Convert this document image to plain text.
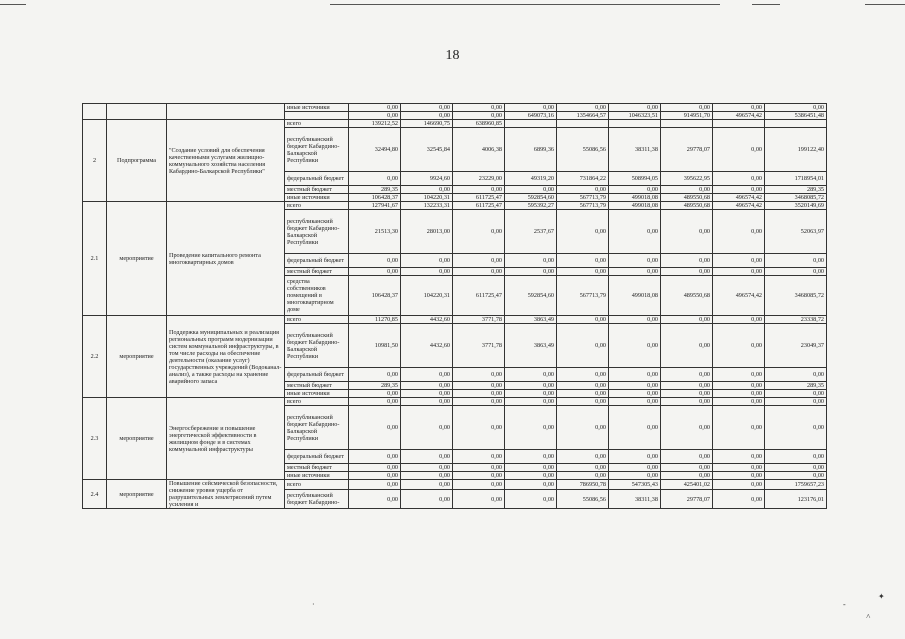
18
			иные источники	0,00	0,00	0,00	0,00	0,00	0,00	0,00	0,00	0,00
				0,00	0,00	0,00	649073,16	1354664,57	1046323,51	914951,70	496574,42	5386451,48
2	Подпрограмма	"Создание условий для обеспечения качественными услугами жилищно-коммунального хозяйства населения Кабардино-Балкарской Республики"	всего	139212,52	146690,75	638960,85						
			республиканский бюджет Кабардино-Балкарской Республики	32494,80	32545,84	4006,38	6899,36	55086,56	38311,38	29778,07	0,00	199122,40
			федеральный бюджет	0,00	9924,60	23229,00	49319,20	731864,22	508994,05	395622,95	0,00	1718954,01
			местный бюджет	289,35	0,00	0,00	0,00	0,00	0,00	0,00	0,00	289,35
			иные источники	106428,37	104220,31	611725,47	592854,60	567713,79	499018,08	489550,68	496574,42	3468085,72
2.1	мероприятие	Проведение капитального ремонта многоквартирных домов	всего	127941,67	132233,31	611725,47	595392,27	567713,79	499018,08	489550,68	496574,42	3520149,69
			республиканский бюджет Кабардино-Балкарской Республики	21513,30	28013,00	0,00	2537,67	0,00	0,00	0,00	0,00	52063,97
			федеральный бюджет	0,00	0,00	0,00	0,00	0,00	0,00	0,00	0,00	0,00
			местный бюджет	0,00	0,00	0,00	0,00	0,00	0,00	0,00	0,00	0,00
			средства собственников помещений в многоквартирном доме	106428,37	104220,31	611725,47	592854,60	567713,79	499018,08	489550,68	496574,42	3468085,72
2.2	мероприятие	Поддержка муниципальных и реализация региональных программ модернизации систем коммунальной инфраструктуры, в том числе расходы на обеспечение деятельности (оказание услуг) государственных учреждений (Водоканал-анализ), а также расходы на хранение аварийного запаса	всего	11270,85	4432,60	3771,78	3863,49	0,00	0,00	0,00	0,00	23338,72
			республиканский бюджет Кабардино-Балкарской Республики	10981,50	4432,60	3771,78	3863,49	0,00	0,00	0,00	0,00	23049,37
			федеральный бюджет	0,00	0,00	0,00	0,00	0,00	0,00	0,00	0,00	0,00
			местный бюджет	289,35	0,00	0,00	0,00	0,00	0,00	0,00	0,00	289,35
			иные источники	0,00	0,00	0,00	0,00	0,00	0,00	0,00	0,00	0,00
2.3	мероприятие	Энергосбережение и повышение энергетической эффективности в жилищном фонде и в системах коммунальной инфраструктуры	всего	0,00	0,00	0,00	0,00	0,00	0,00	0,00	0,00	0,00
			республиканский бюджет Кабардино-Балкарской Республики	0,00	0,00	0,00	0,00	0,00	0,00	0,00	0,00	0,00
			федеральный бюджет	0,00	0,00	0,00	0,00	0,00	0,00	0,00	0,00	0,00
			местный бюджет	0,00	0,00	0,00	0,00	0,00	0,00	0,00	0,00	0,00
			иные источники	0,00	0,00	0,00	0,00	0,00	0,00	0,00	0,00	0,00
2.4	мероприятие	Повышение сейсмической безопасности, снижение уровня ущерба от разрушительных землетрясений путем усиления и	всего	0,00	0,00	0,00	0,00	786950,78	547305,43	425401,02	0,00	1759657,23
			республиканский бюджет Кабардино-	0,00	0,00	0,00	0,00	55086,56	38311,38	29778,07	0,00	123176,01
·	-
✦
˄
